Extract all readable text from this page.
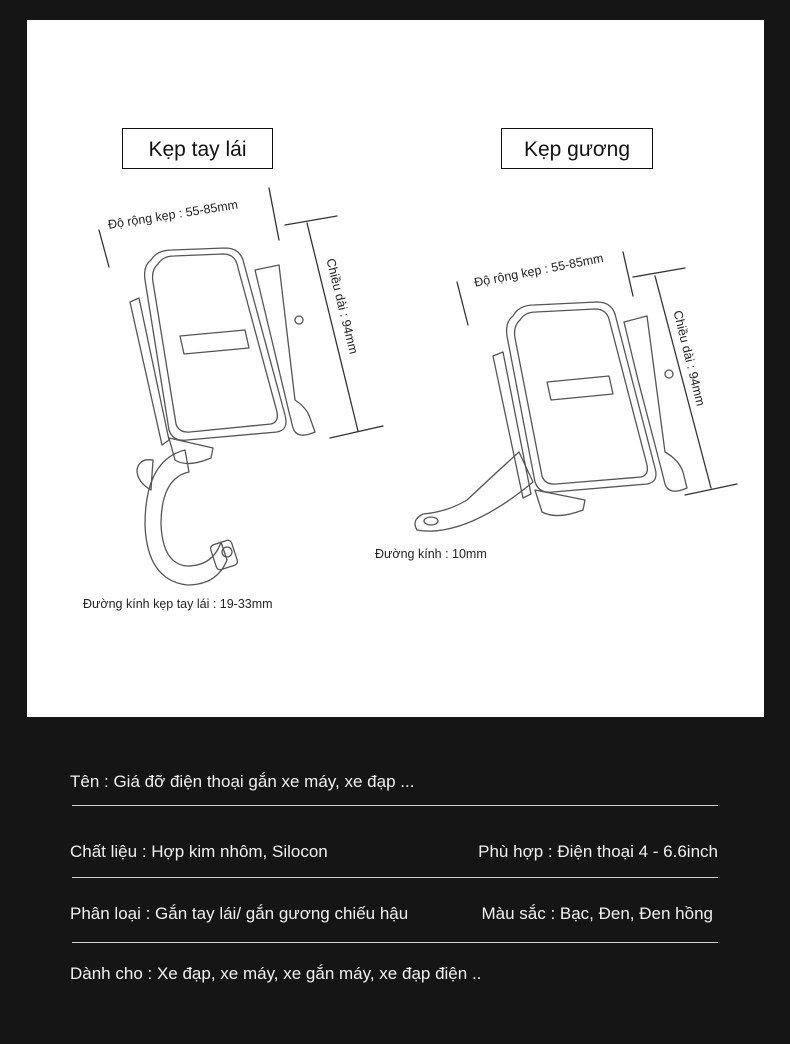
Kẹp tay lái
Độ rộng kẹp : 55-85mm
Chiều dài : 94mm
Đường kính kẹp tay lái : 19-33mm
Kẹp gương
Độ rộng kẹp : 55-85mm
Chiều dài : 94mm
Đường kính : 10mm
Tên : Giá đỡ điện thoại gắn xe máy, xe đạp ...
Chất liệu : Hợp kim nhôm, Silocon	Phù hợp : Điện thoại 4 - 6.6inch
Phân loại : Gắn tay lái/ gắn gương chiếu hậu	Màu sắc : Bạc, Đen, Đen hồng
Dành cho : Xe đạp, xe máy, xe gắn máy, xe đạp điện ..
